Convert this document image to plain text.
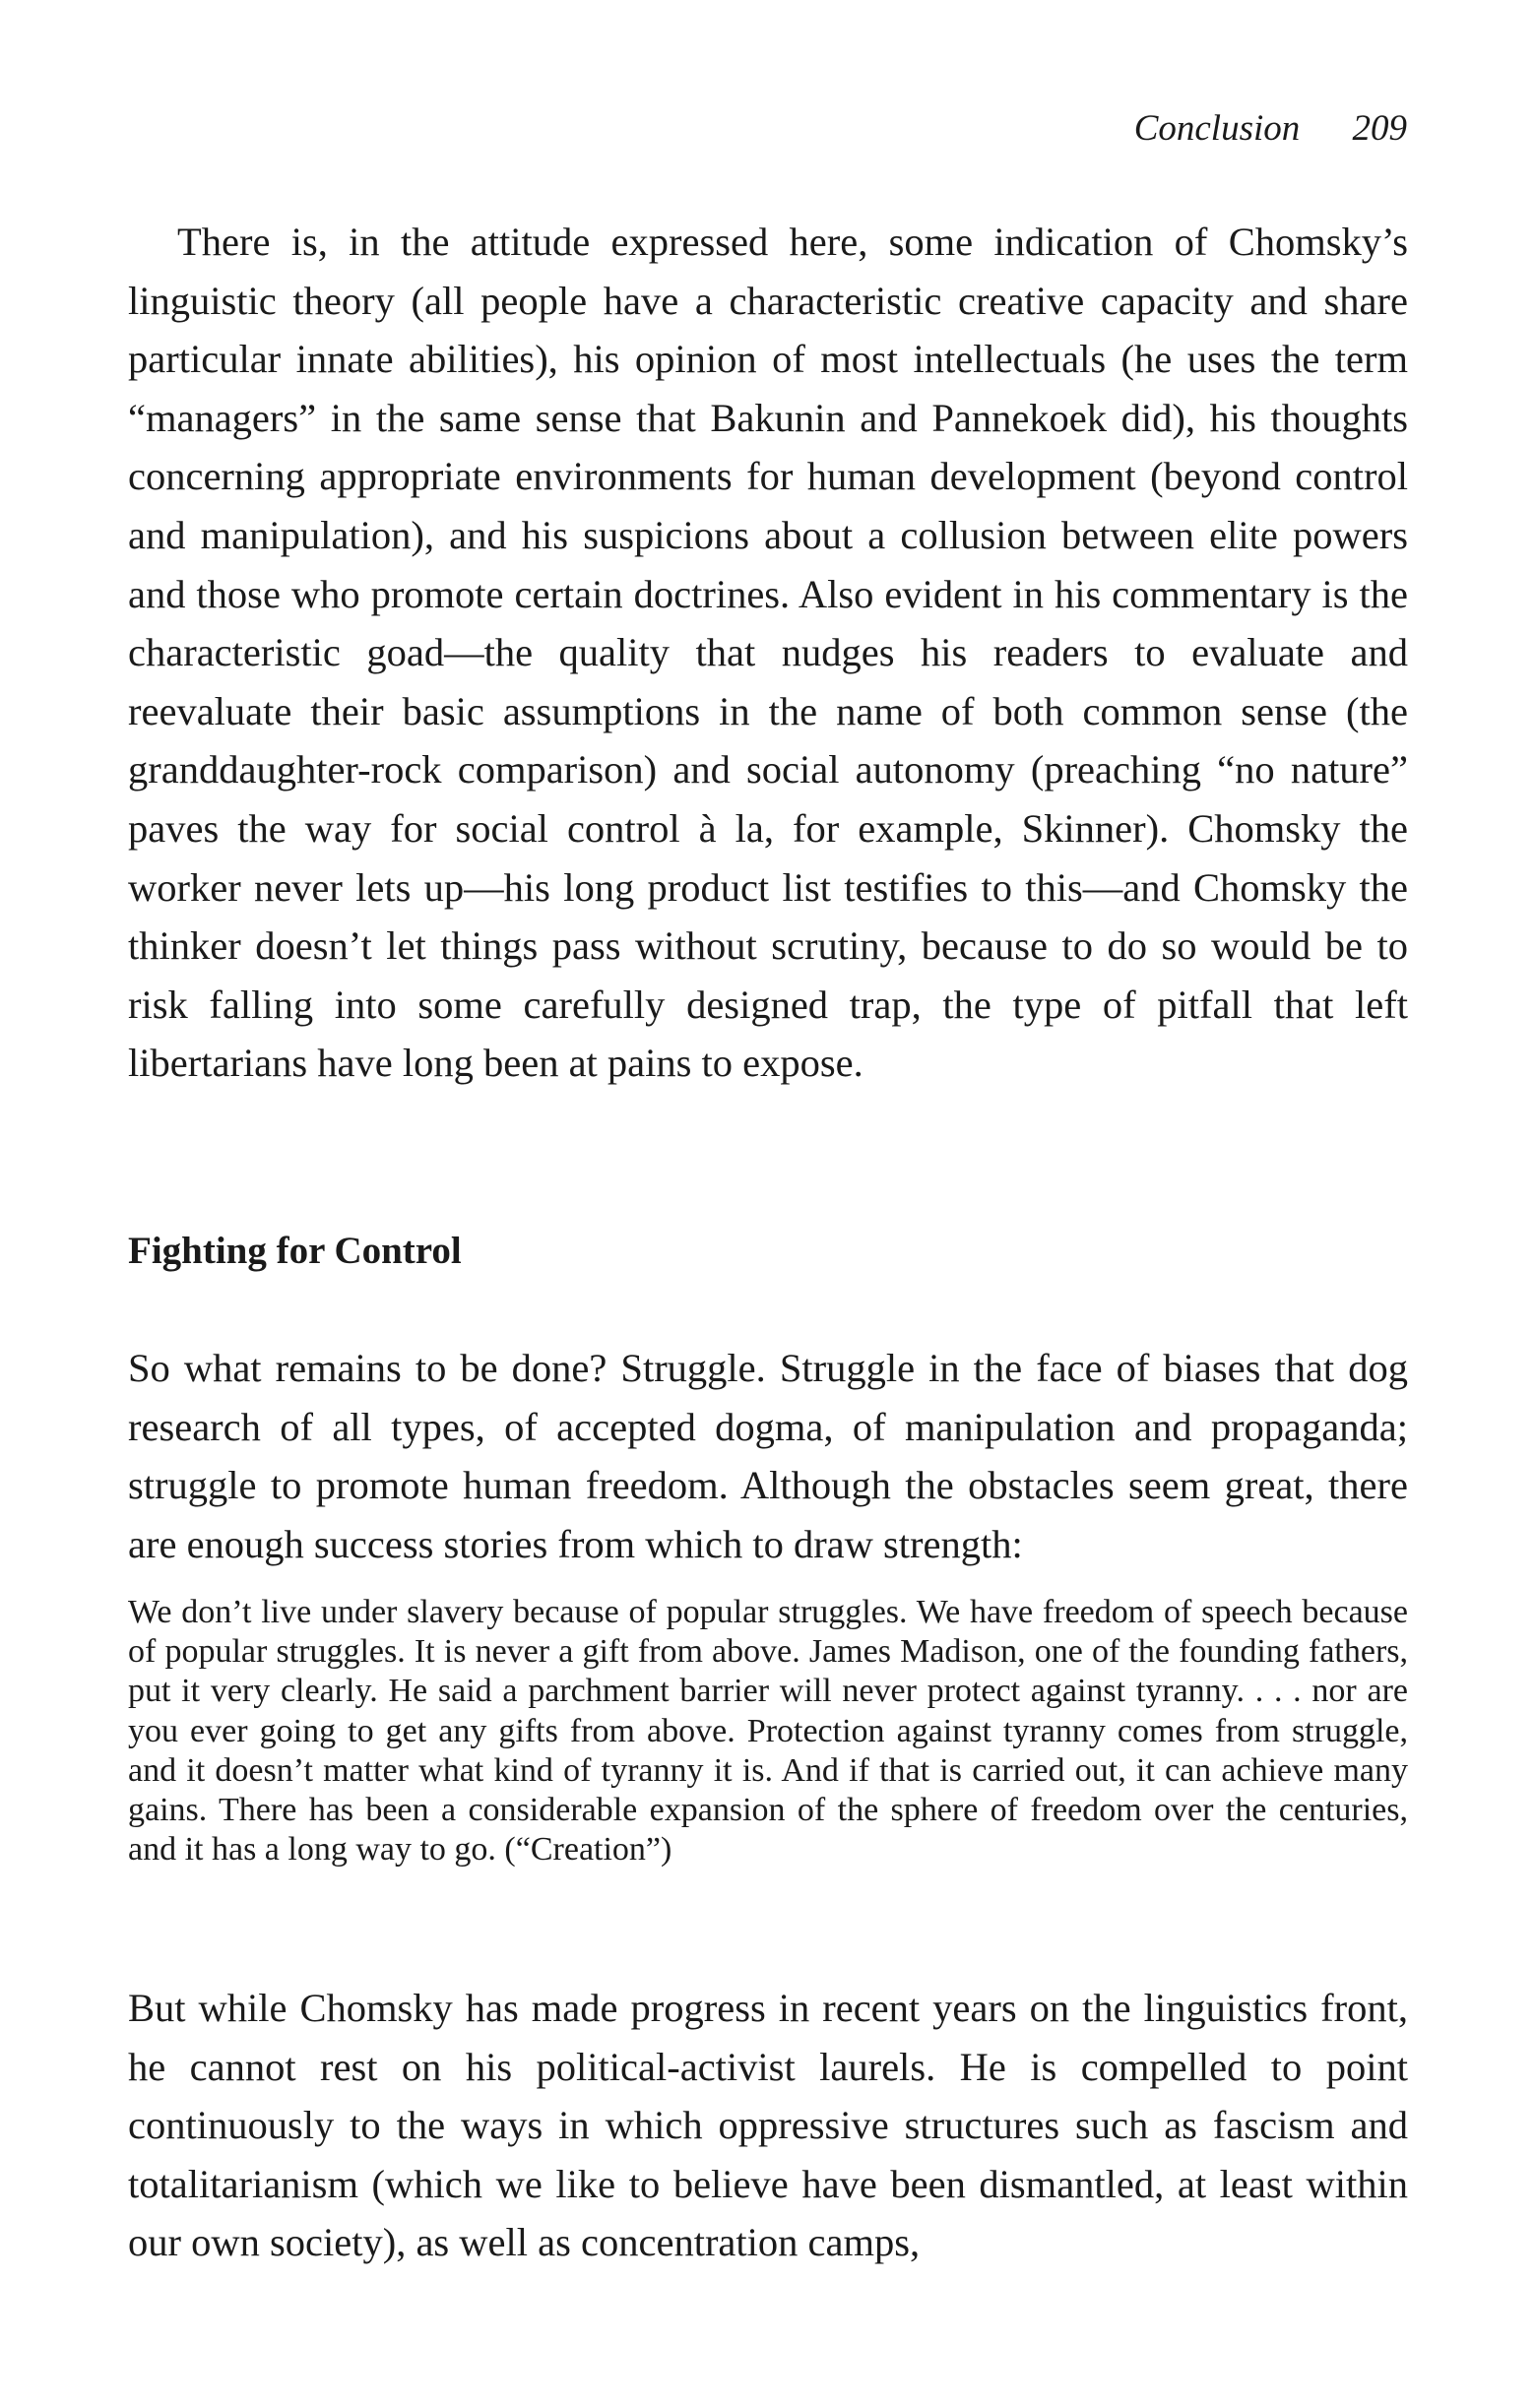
Conclusion 209

There is, in the attitude expressed here, some indication of Chomsky’s linguistic theory (all people have a characteristic creative capacity and share particular innate abilities), his opinion of most intellectuals (he uses the term “managers” in the same sense that Bakunin and Pannekoek did), his thoughts concerning appropriate environments for human development (beyond control and manipulation), and his suspicions about a collusion between elite powers and those who promote certain doctrines. Also evident in his commentary is the characteristic goad—the quality that nudges his readers to evaluate and reevaluate their basic assumptions in the name of both common sense (the granddaughter-rock comparison) and social autonomy (preaching “no nature” paves the way for social control à la, for example, Skinner). Chomsky the worker never lets up—his long product list testifies to this—and Chomsky the thinker doesn’t let things pass without scrutiny, because to do so would be to risk falling into some carefully designed trap, the type of pitfall that left libertarians have long been at pains to expose.

Fighting for Control

So what remains to be done? Struggle. Struggle in the face of biases that dog research of all types, of accepted dogma, of manipulation and propaganda; struggle to promote human freedom. Although the obstacles seem great, there are enough success stories from which to draw strength:

We don’t live under slavery because of popular struggles. We have freedom of speech because of popular struggles. It is never a gift from above. James Madison, one of the founding fathers, put it very clearly. He said a parchment barrier will never protect against tyranny. . . . nor are you ever going to get any gifts from above. Protection against tyranny comes from struggle, and it doesn’t matter what kind of tyranny it is. And if that is carried out, it can achieve many gains. There has been a considerable expansion of the sphere of freedom over the centuries, and it has a long way to go. (“Creation”)

But while Chomsky has made progress in recent years on the linguistics front, he cannot rest on his political-activist laurels. He is compelled to point continuously to the ways in which oppressive structures such as fascism and totalitarianism (which we like to believe have been dismantled, at least within our own society), as well as concentration camps,
